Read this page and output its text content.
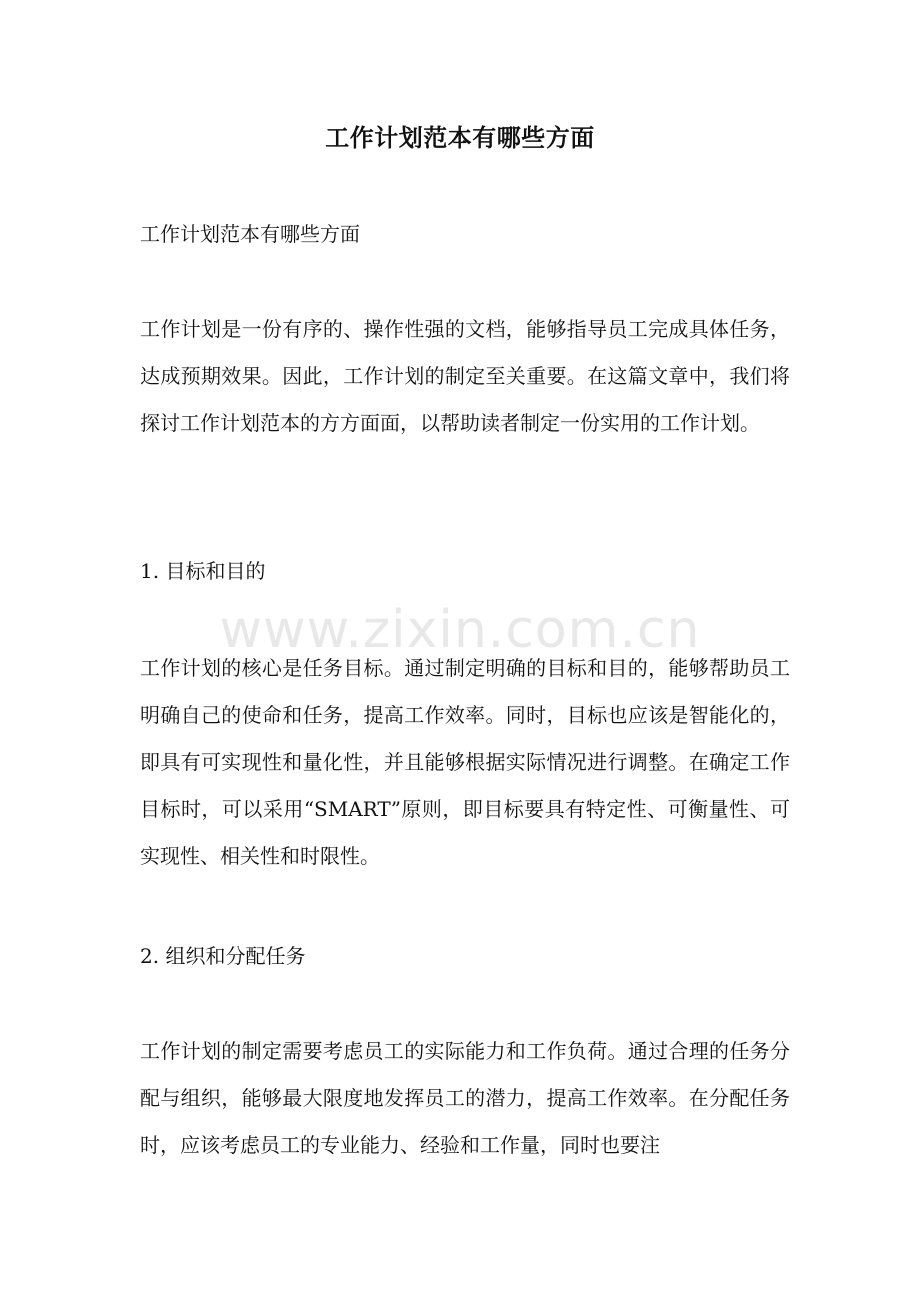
工作计划范本有哪些方面

工作计划范本有哪些方面

工作计划是一份有序的、操作性强的文档，能够指导员工完成具体任务，达成预期效果。因此，工作计划的制定至关重要。在这篇文章中，我们将探讨工作计划范本的方方面面，以帮助读者制定一份实用的工作计划。

1. 目标和目的

工作计划的核心是任务目标。通过制定明确的目标和目的，能够帮助员工明确自己的使命和任务，提高工作效率。同时，目标也应该是智能化的，即具有可实现性和量化性，并且能够根据实际情况进行调整。在确定工作目标时，可以采用“SMART”原则，即目标要具有特定性、可衡量性、可实现性、相关性和时限性。

2. 组织和分配任务

工作计划的制定需要考虑员工的实际能力和工作负荷。通过合理的任务分配与组织，能够最大限度地发挥员工的潜力，提高工作效率。在分配任务时，应该考虑员工的专业能力、经验和工作量，同时也要注

www.zixin.com.cn
